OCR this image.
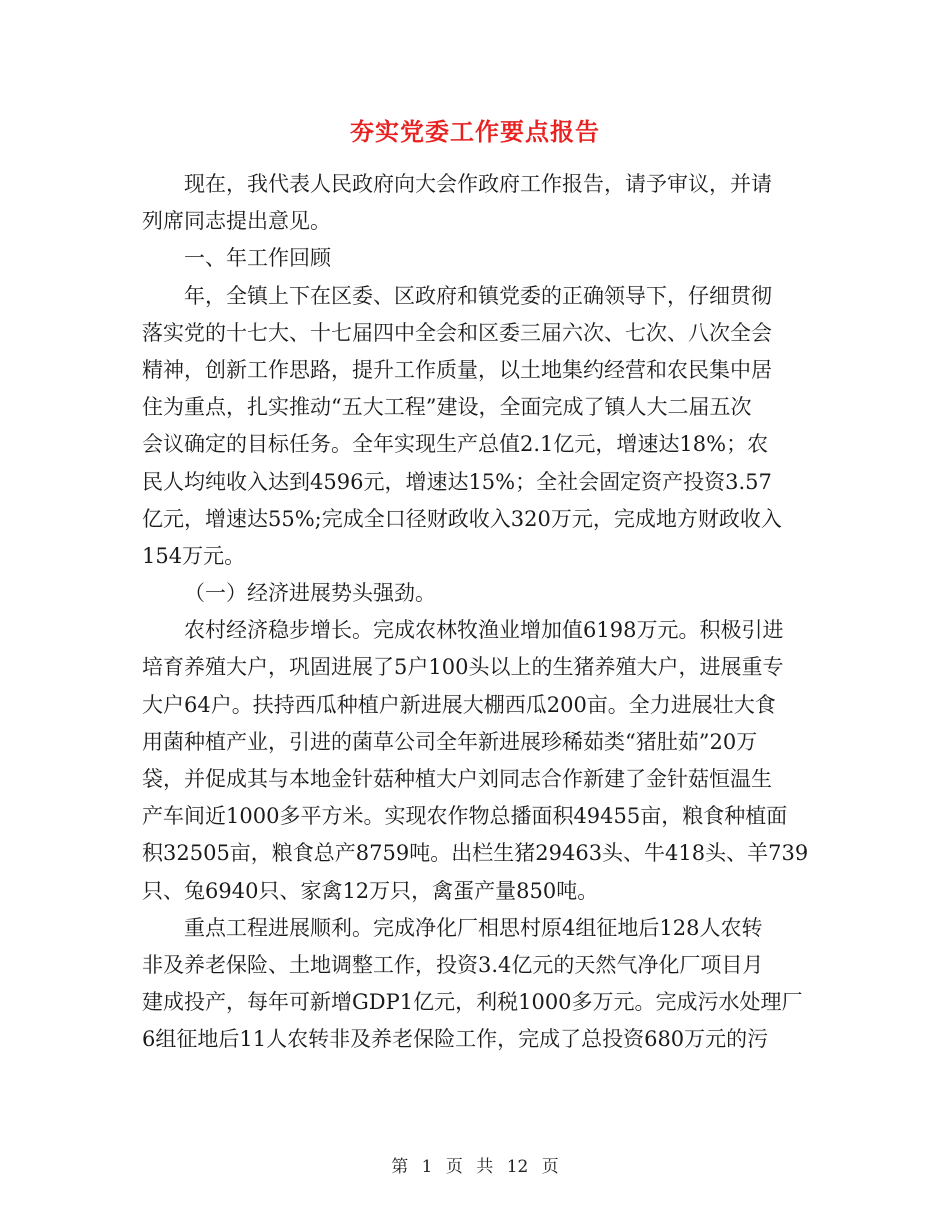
夯实党委工作要点报告
现在，我代表人民政府向大会作政府工作报告，请予审议，并请
列席同志提出意见。
一、年工作回顾
年，全镇上下在区委、区政府和镇党委的正确领导下，仔细贯彻
落实党的十七大、十七届四中全会和区委三届六次、七次、八次全会
精神，创新工作思路，提升工作质量，以土地集约经营和农民集中居
住为重点，扎实推动“五大工程”建设，全面完成了镇人大二届五次
会议确定的目标任务。全年实现生产总值2.1亿元，增速达18%；农
民人均纯收入达到4596元，增速达15%；全社会固定资产投资3.57
亿元，增速达55%;完成全口径财政收入320万元，完成地方财政收入
154万元。
（一）经济进展势头强劲。
农村经济稳步增长。完成农林牧渔业增加值6198万元。积极引进
培育养殖大户，巩固进展了5户100头以上的生猪养殖大户，进展重专
大户64户。扶持西瓜种植户新进展大棚西瓜200亩。全力进展壮大食
用菌种植产业，引进的菌草公司全年新进展珍稀茹类“猪肚茹”20万
袋，并促成其与本地金针菇种植大户刘同志合作新建了金针菇恒温生
产车间近1000多平方米。实现农作物总播面积49455亩，粮食种植面
积32505亩，粮食总产8759吨。出栏生猪29463头、牛418头、羊739
只、兔6940只、家禽12万只，禽蛋产量850吨。
重点工程进展顺利。完成净化厂相思村原4组征地后128人农转
非及养老保险、土地调整工作，投资3.4亿元的天然气净化厂项目月
建成投产，每年可新增GDP1亿元，利税1000多万元。完成污水处理厂
6组征地后11人农转非及养老保险工作，完成了总投资680万元的污
第 1 页 共 12 页
